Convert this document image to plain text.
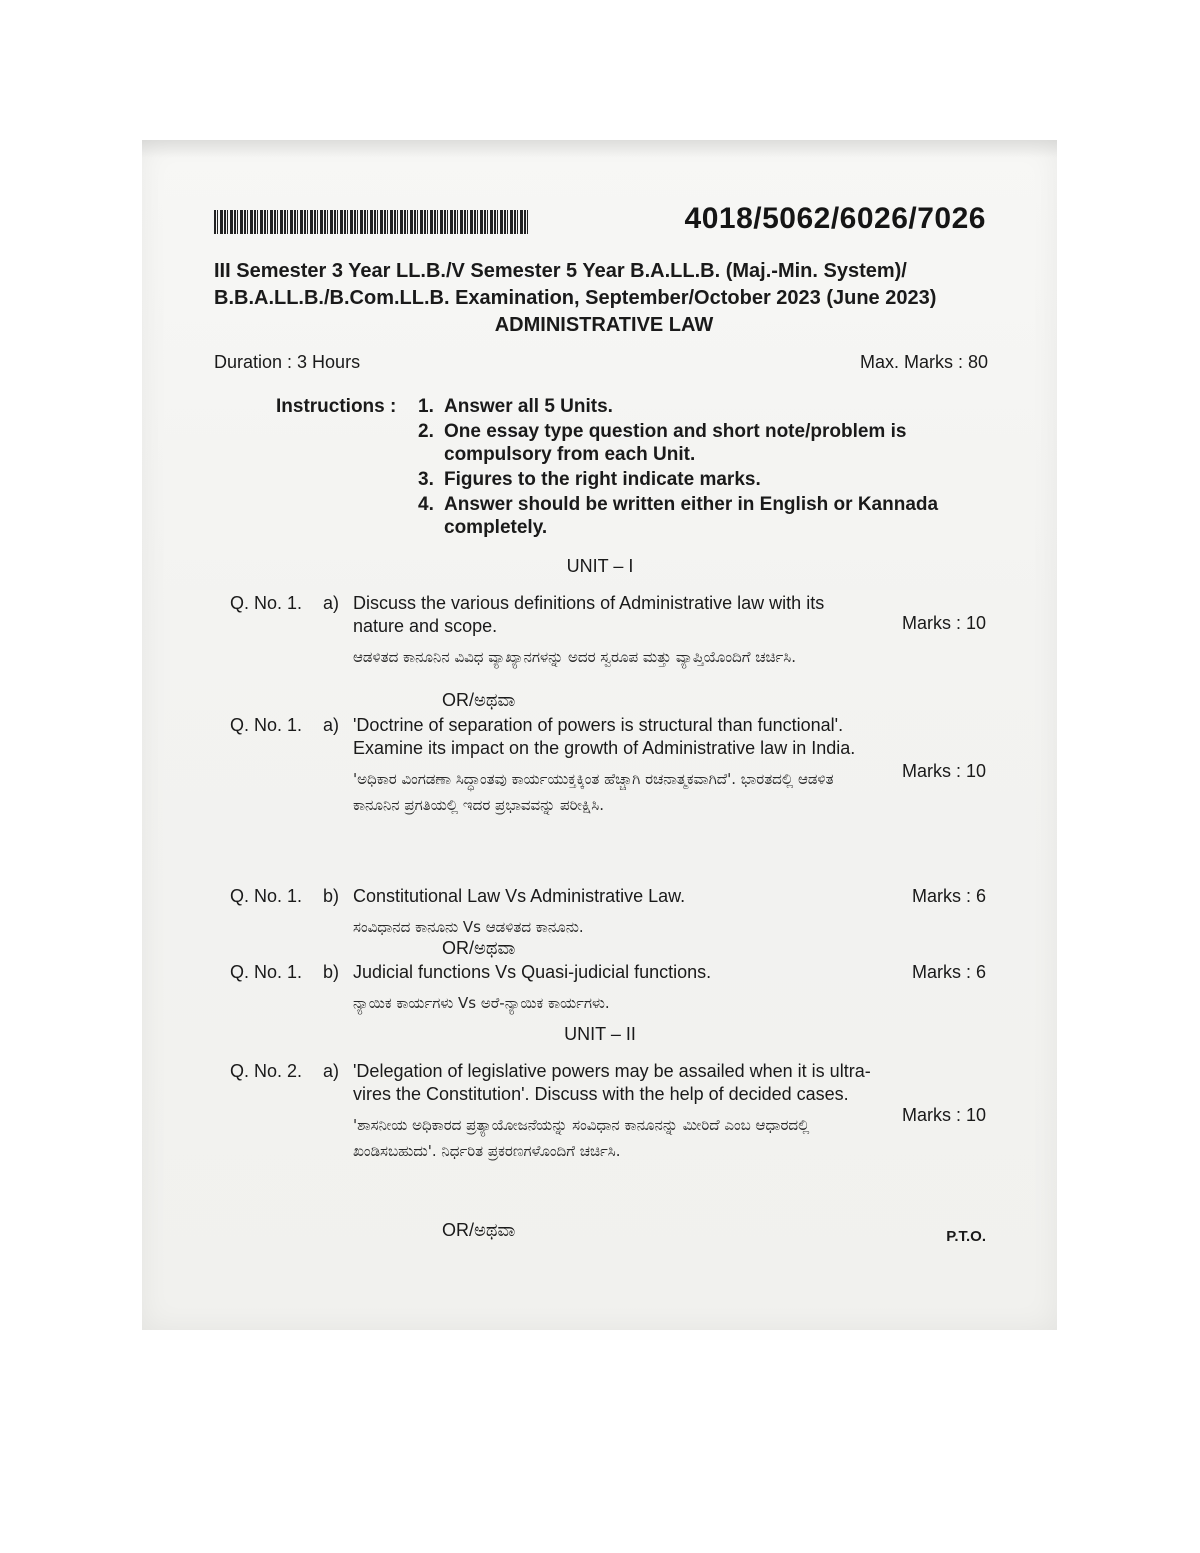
4018/5062/6026/7026
III Semester 3 Year LL.B./V Semester 5 Year B.A.LL.B. (Maj.-Min. System)/
B.B.A.LL.B./B.Com.LL.B. Examination, September/October 2023 (June 2023)
ADMINISTRATIVE LAW
Duration : 3 Hours	Max. Marks : 80
Instructions : 1. Answer all 5 Units.
2. One essay type question and short note/problem is compulsory from each Unit.
3. Figures to the right indicate marks.
4. Answer should be written either in English or Kannada completely.
UNIT – I
Q. No. 1. a) Discuss the various definitions of Administrative law with its nature and scope.
ಆಡಳಿತದ ಕಾನೂನಿನ ವಿವಿಧ ವ್ಯಾಖ್ಯಾನಗಳನ್ನು ಅದರ ಸ್ವರೂಪ ಮತ್ತು ವ್ಯಾಪ್ತಿಯೊಂದಿಗೆ ಚರ್ಚಿಸಿ.
Marks : 10
OR/ಅಥವಾ
Q. No. 1. a) 'Doctrine of separation of powers is structural than functional'. Examine its impact on the growth of Administrative law in India.
'ಅಧಿಕಾರ ವಿಂಗಡಣಾ ಸಿದ್ಧಾಂತವು ಕಾರ್ಯಯುಕ್ತಕ್ಕಿಂತ ಹೆಚ್ಚಾಗಿ ರಚನಾತ್ಮಕವಾಗಿದೆ'. ಭಾರತದಲ್ಲಿ ಆಡಳಿತ ಕಾನೂನಿನ ಪ್ರಗತಿಯಲ್ಲಿ ಇದರ ಪ್ರಭಾವವನ್ನು ಪರೀಕ್ಷಿಸಿ.
Marks : 10
Q. No. 1. b) Constitutional Law Vs Administrative Law.
ಸಂವಿಧಾನದ ಕಾನೂನು Vs ಆಡಳಿತದ ಕಾನೂನು.
Marks : 6
OR/ಅಥವಾ
Q. No. 1. b) Judicial functions Vs Quasi-judicial functions.
ನ್ಯಾಯಿಕ ಕಾರ್ಯಗಳು Vs ಅರೆ-ನ್ಯಾಯಿಕ ಕಾರ್ಯಗಳು.
Marks : 6
UNIT – II
Q. No. 2. a) 'Delegation of legislative powers may be assailed when it is ultra-vires the Constitution'. Discuss with the help of decided cases.
'ಶಾಸನೀಯ ಅಧಿಕಾರದ ಪ್ರತ್ಯಾಯೋಜನೆಯನ್ನು ಸಂವಿಧಾನ ಕಾನೂನನ್ನು ಮೀರಿದೆ ಎಂಬ ಆಧಾರದಲ್ಲಿ ಖಂಡಿಸಬಹುದು'. ನಿರ್ಧರಿತ ಪ್ರಕರಣಗಳೊಂದಿಗೆ ಚರ್ಚಿಸಿ.
Marks : 10
OR/ಅಥವಾ	P.T.O.
